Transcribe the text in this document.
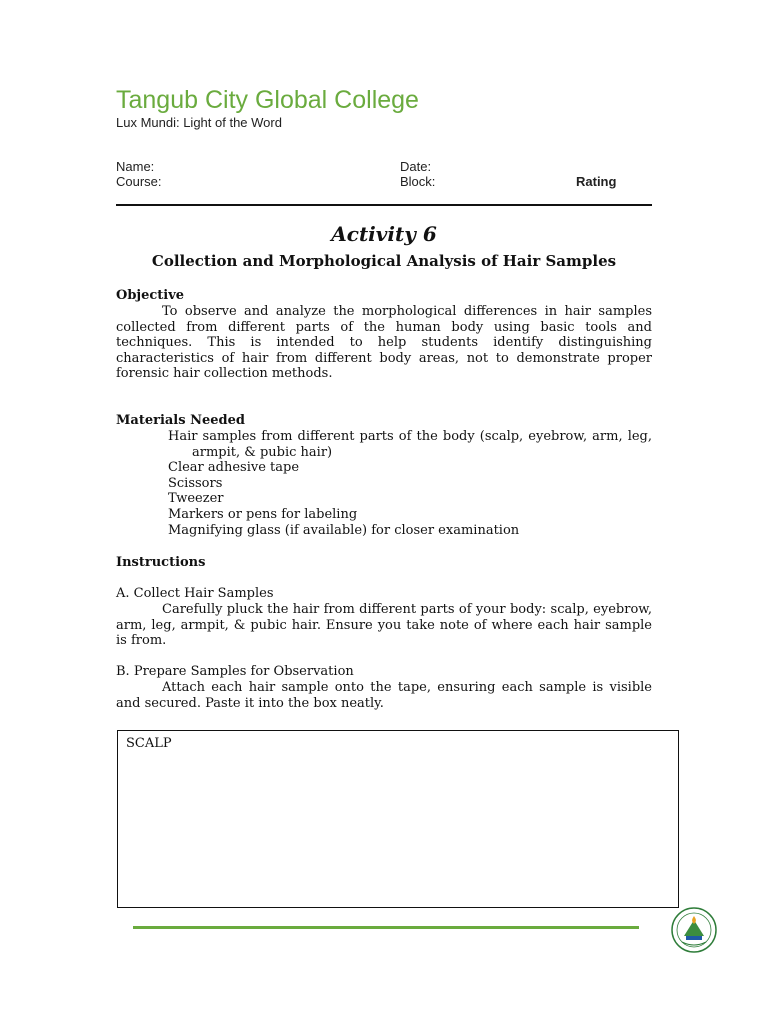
Tangub City Global College
Lux Mundi: Light of the Word
Name:	Date:
Course:	Block:	Rating
Activity 6
Collection and Morphological Analysis of Hair Samples
Objective

To observe and analyze the morphological differences in hair samples collected from different parts of the human body using basic tools and techniques. This is intended to help students identify distinguishing characteristics of hair from different body areas, not to demonstrate proper forensic hair collection methods.

Materials Needed
Hair samples from different parts of the body (scalp, eyebrow, arm, leg, armpit, & pubic hair)
Clear adhesive tape
Scissors
Tweezer
Markers or pens for labeling
Magnifying glass (if available) for closer examination
Instructions
A. Collect Hair Samples

Carefully pluck the hair from different parts of your body: scalp, eyebrow, arm, leg, armpit, & pubic hair. Ensure you take note of where each hair sample is from.

B. Prepare Samples for Observation

Attach each hair sample onto the tape, ensuring each sample is visible and secured. Paste it into the box neatly.

SCALP
